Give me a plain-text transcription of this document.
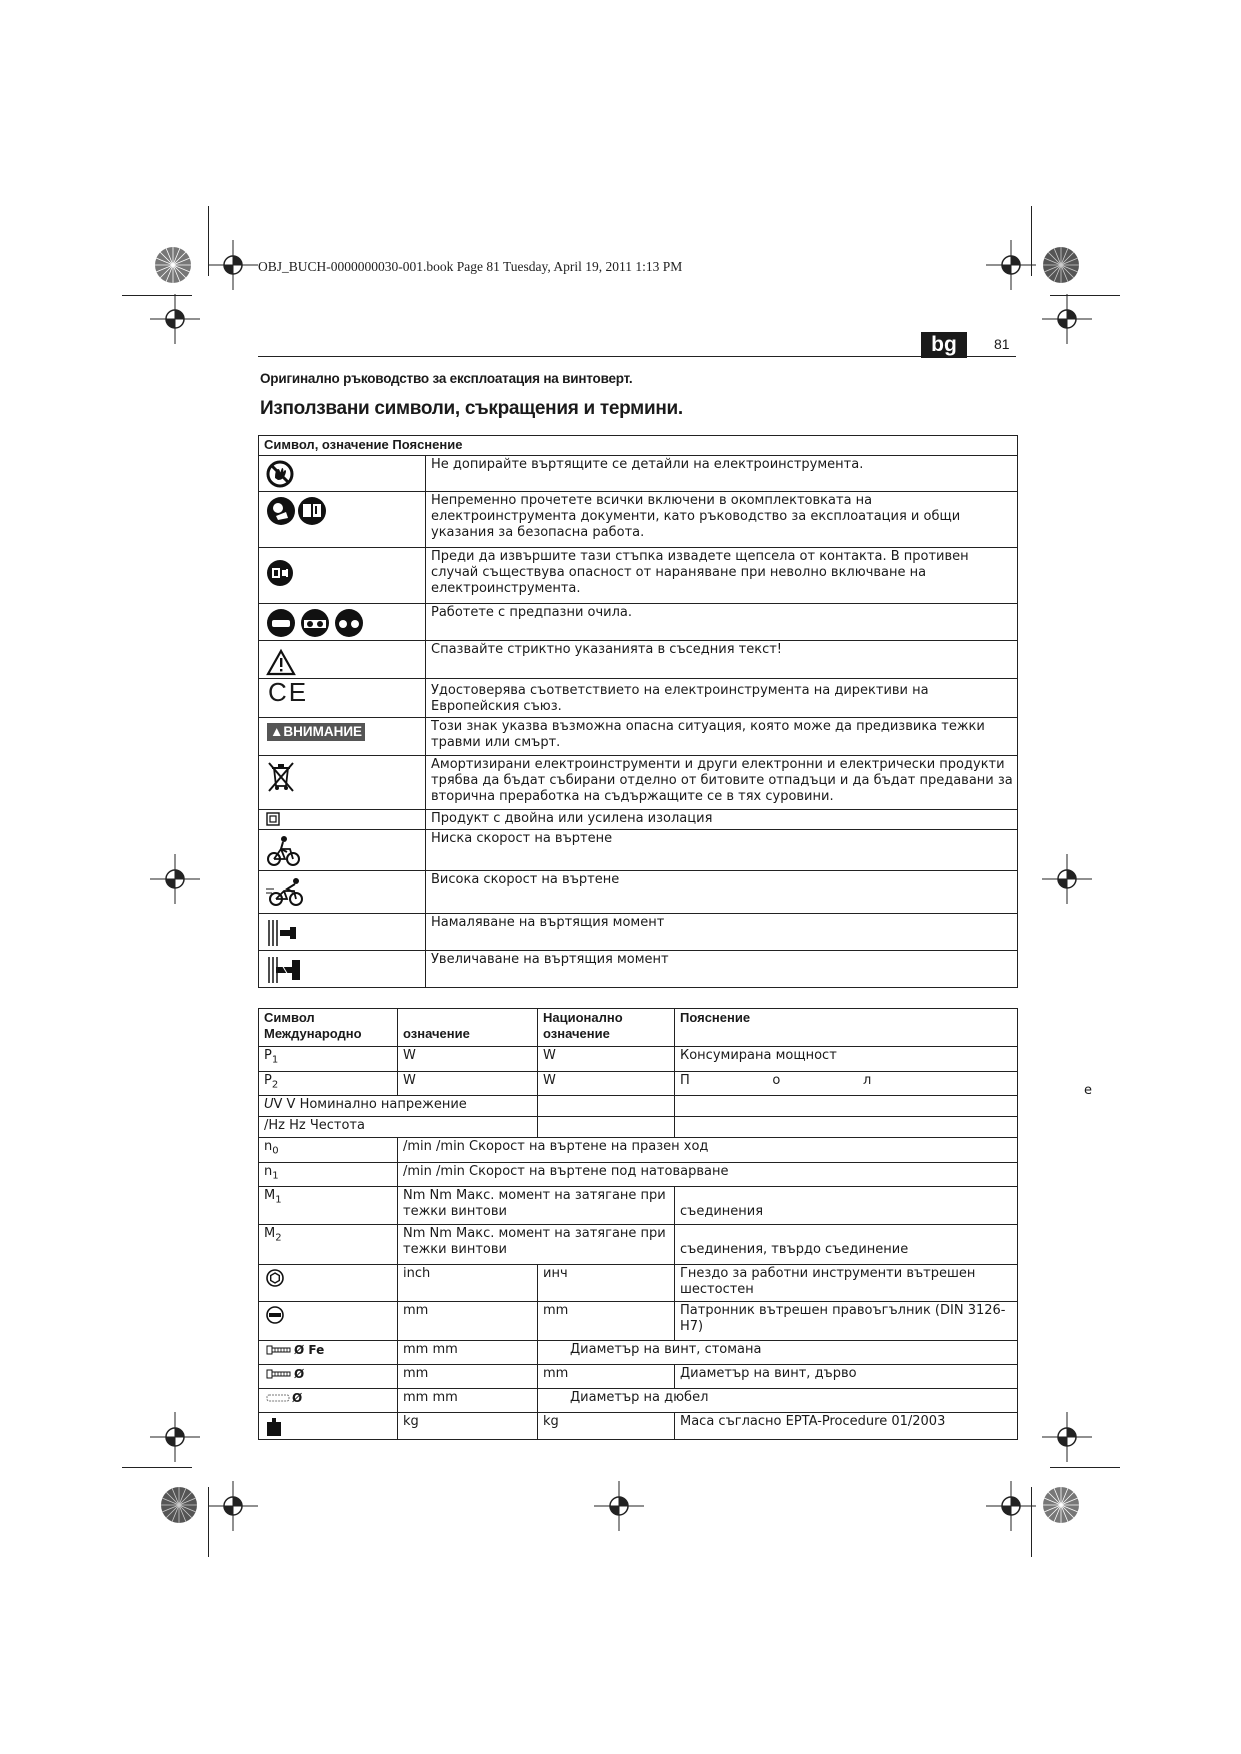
OBJ_BUCH-0000000030-001.book Page 81 Tuesday, April 19, 2011 1:13 PM
bg	81
Оригинално ръководство за експлоатация на винтоверт.
Използвани символи, съкращения и термини.
Символ, означение Пояснение	
	Не допирайте въртящите се детайли на електроинструмента.
	Непременно прочетете всички включени в окомплектовката на електроинструмента документи, като ръководство за експлоатация и общи указания за безопасна работа.
	Преди да извършите тази стъпка извадете щепсела от контакта. В противен случай съществува опасност от нараняване при неволно включване на електроинструмента.
	Работете с предпазни очила.
	Спазвайте стриктно указанията в съседния текст!
CE	Удостоверява съответствието на електроинструмента на директиви на Европейския съюз.
▲ВНИМАНИЕ	Този знак указва възможна опасна ситуация, която може да предизвика тежки травми или смърт.
	Амортизирани електроинструменти и други електронни и електрически продукти трябва да бъдат събирани отделно от битовите отпадъци и да бъдат предавани за вторична преработка на съдържащите се в тях суровини.
	Продукт с двойна или усилена изолация
	Ниска скорост на въртене
	Висока скорост на въртене
	Намаляване на въртящия момент
	Увеличаване на въртящия момент
Символ Международно	означение	Национално означение	Пояснение
$P_1$	W	W	Консумирана мощност
$P_2$	W	W	П                    о                    л
UV V Номинално напрежение			
/Hz Hz Честота			
$n_0$	/min /min Скорост на въртене на празен ход		
$n_1$	/min /min Скорост на въртене под натоварване		
$M_1$	Nm Nm Макс. момент на затягане при тежки винтови		съединения
$M_2$	Nm Nm Макс. момент на затягане при тежки винтови		съединения, твърдо съединение
	inch	инч	Гнездо за работни инструменти вътрешен шестостен
	mm	mm	Патронник вътрешен правоъгълник (DIN 3126-H7)
Ø Fe	mm mm	Диаметър на винт, стомана	
Ø	mm	mm	Диаметър на винт, дърво
Ø	mm mm	Диаметър на дюбел	
	kg	kg	Маса съгласно EPTA-Procedure 01/2003
е
